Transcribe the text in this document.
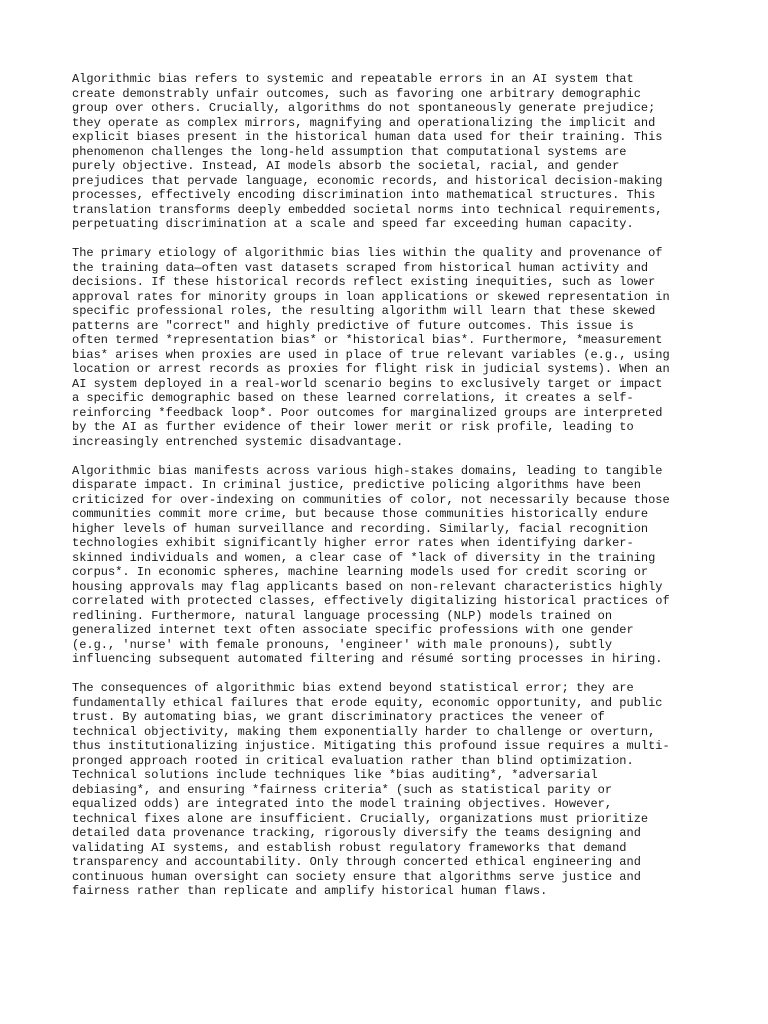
Algorithmic bias refers to systemic and repeatable errors in an AI system that
create demonstrably unfair outcomes, such as favoring one arbitrary demographic
group over others. Crucially, algorithms do not spontaneously generate prejudice;
they operate as complex mirrors, magnifying and operationalizing the implicit and
explicit biases present in the historical human data used for their training. This
phenomenon challenges the long-held assumption that computational systems are
purely objective. Instead, AI models absorb the societal, racial, and gender
prejudices that pervade language, economic records, and historical decision-making
processes, effectively encoding discrimination into mathematical structures. This
translation transforms deeply embedded societal norms into technical requirements,
perpetuating discrimination at a scale and speed far exceeding human capacity.

The primary etiology of algorithmic bias lies within the quality and provenance of
the training data—often vast datasets scraped from historical human activity and
decisions. If these historical records reflect existing inequities, such as lower
approval rates for minority groups in loan applications or skewed representation in
specific professional roles, the resulting algorithm will learn that these skewed
patterns are "correct" and highly predictive of future outcomes. This issue is
often termed *representation bias* or *historical bias*. Furthermore, *measurement
bias* arises when proxies are used in place of true relevant variables (e.g., using
location or arrest records as proxies for flight risk in judicial systems). When an
AI system deployed in a real-world scenario begins to exclusively target or impact
a specific demographic based on these learned correlations, it creates a self-
reinforcing *feedback loop*. Poor outcomes for marginalized groups are interpreted
by the AI as further evidence of their lower merit or risk profile, leading to
increasingly entrenched systemic disadvantage.

Algorithmic bias manifests across various high-stakes domains, leading to tangible
disparate impact. In criminal justice, predictive policing algorithms have been
criticized for over-indexing on communities of color, not necessarily because those
communities commit more crime, but because those communities historically endure
higher levels of human surveillance and recording. Similarly, facial recognition
technologies exhibit significantly higher error rates when identifying darker-
skinned individuals and women, a clear case of *lack of diversity in the training
corpus*. In economic spheres, machine learning models used for credit scoring or
housing approvals may flag applicants based on non-relevant characteristics highly
correlated with protected classes, effectively digitalizing historical practices of
redlining. Furthermore, natural language processing (NLP) models trained on
generalized internet text often associate specific professions with one gender
(e.g., 'nurse' with female pronouns, 'engineer' with male pronouns), subtly
influencing subsequent automated filtering and résumé sorting processes in hiring.

The consequences of algorithmic bias extend beyond statistical error; they are
fundamentally ethical failures that erode equity, economic opportunity, and public
trust. By automating bias, we grant discriminatory practices the veneer of
technical objectivity, making them exponentially harder to challenge or overturn,
thus institutionalizing injustice. Mitigating this profound issue requires a multi-
pronged approach rooted in critical evaluation rather than blind optimization.
Technical solutions include techniques like *bias auditing*, *adversarial
debiasing*, and ensuring *fairness criteria* (such as statistical parity or
equalized odds) are integrated into the model training objectives. However,
technical fixes alone are insufficient. Crucially, organizations must prioritize
detailed data provenance tracking, rigorously diversify the teams designing and
validating AI systems, and establish robust regulatory frameworks that demand
transparency and accountability. Only through concerted ethical engineering and
continuous human oversight can society ensure that algorithms serve justice and
fairness rather than replicate and amplify historical human flaws.
